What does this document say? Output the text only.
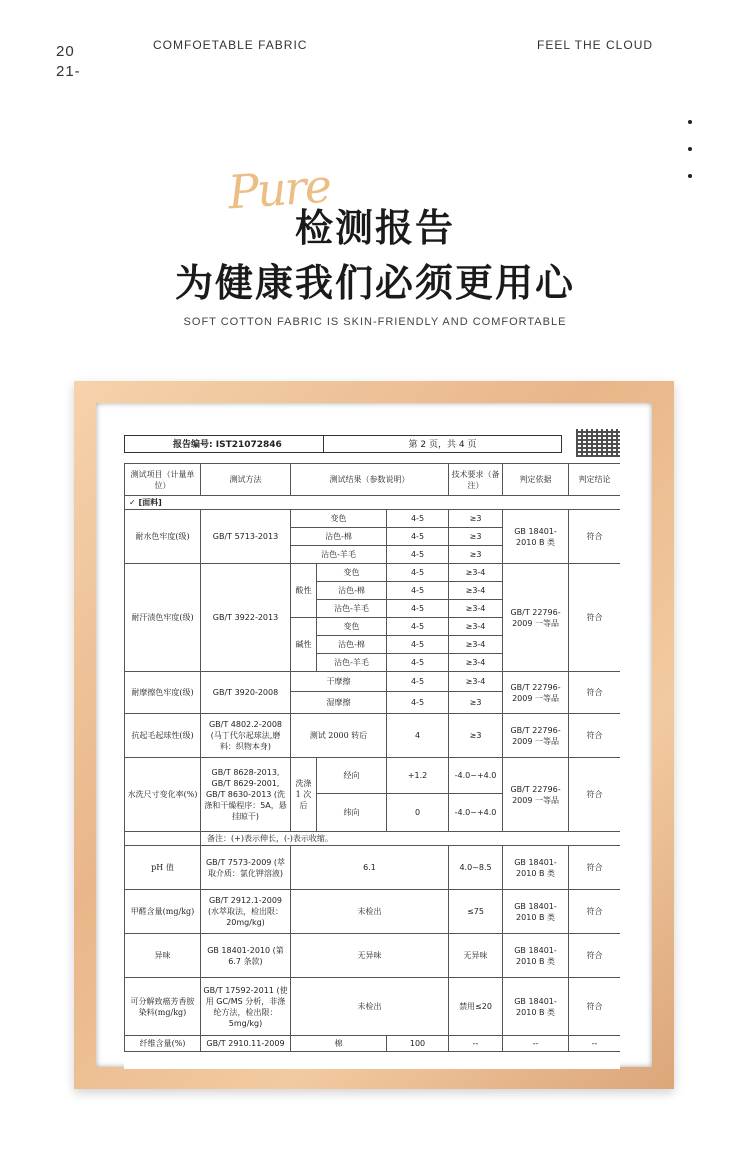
20
21-
COMFOETABLE FABRIC	FEEL THE CLOUD
Pure
检测报告
为健康我们必须更用心
SOFT COTTON FABRIC IS SKIN-FRIENDLY AND COMFORTABLE
报告编号: IST21072846	第 2 页，共 4 页
测试项目（计量单位）	测试方法	测试结果（参数说明）			技术要求（备注）	判定依据	判定结论
✓ [面料]							
耐水色牢度(级)	GB/T 5713-2013	变色		4-5	≥3	GB 18401-2010 B 类	符合
		沾色-棉		4-5	≥3		
		沾色-羊毛		4-5	≥3		
耐汗渍色牢度(级)	GB/T 3922-2013	酸性	变色	4-5	≥3-4	GB/T 22796-2009 一等品	符合
			沾色-棉	4-5	≥3-4		
			沾色-羊毛	4-5	≥3-4		
		碱性	变色	4-5	≥3-4		
			沾色-棉	4-5	≥3-4		
			沾色-羊毛	4-5	≥3-4		
耐摩擦色牢度(级)	GB/T 3920-2008	干摩擦		4-5	≥3-4	GB/T 22796-2009 一等品	符合
		湿摩擦		4-5	≥3		
抗起毛起球性(级)	GB/T 4802.2-2008 (马丁代尔起球法,磨料：织物本身)	测试 2000 转后		4	≥3	GB/T 22796-2009 一等品	符合
水洗尺寸变化率(%)	GB/T 8628-2013, GB/T 8629-2001, GB/T 8630-2013 (洗涤和干燥程序：5A，悬挂晾干)	洗涤 1 次后	经向	+1.2	-4.0~+4.0	GB/T 22796-2009 一等品	符合
			纬向	0	-4.0~+4.0		
	备注：(+)表示伸长，(-)表示收缩。						
pH 值	GB/T 7573-2009 (萃取介质：氯化钾溶液)	6.1			4.0~8.5	GB 18401-2010 B 类	符合
甲醛含量(mg/kg)	GB/T 2912.1-2009 (水萃取法，检出限：20mg/kg)	未检出			≤75	GB 18401-2010 B 类	符合
异味	GB 18401-2010 (第 6.7 条款)	无异味			无异味	GB 18401-2010 B 类	符合
可分解致癌芳香胺染料(mg/kg)	GB/T 17592-2011 (使用 GC/MS 分析，非涤纶方法，检出限：5mg/kg)	未检出			禁用≤20	GB 18401-2010 B 类	符合
纤维含量(%)	GB/T 2910.11-2009	棉		100	--	--	--
